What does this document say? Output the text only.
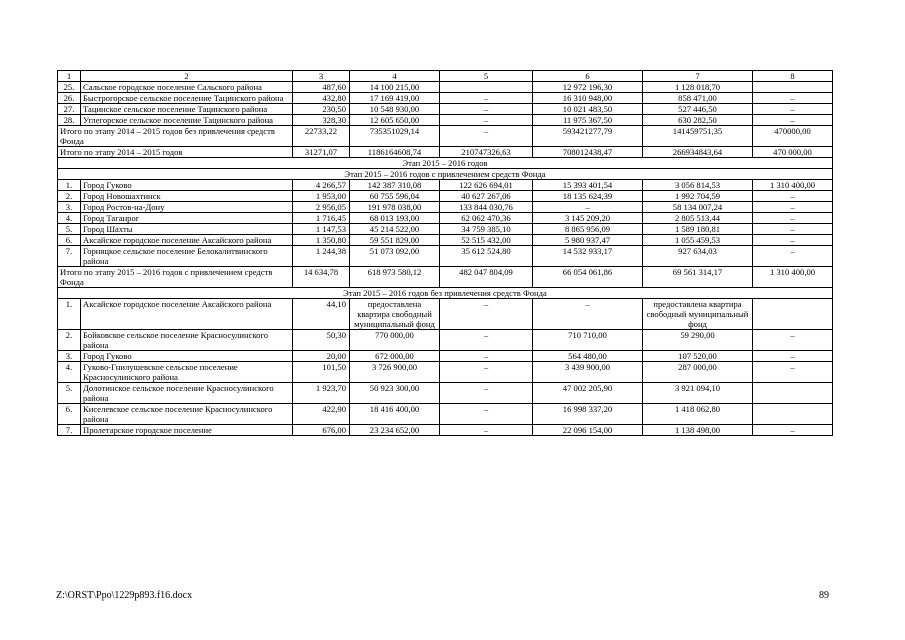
1	2	3	4	5	6	7	8
25.	Сальское городское поселение Сальского района	487,60	14 100 215,00		12 972 196,30	1 128 018,70	
26.	Быстрогорское сельское поселение Тацинского района	432,80	17 169 419,00	–	16 310 948,00	858 471,00	–
27.	Тацинское сельское поселение Тацинского района	230,50	10 548 930,00	–	10 021 483,50	527 446,50	–
28.	Углегорское сельское поселение Тацинского района	328,30	12 605 650,00	–	11 975 367,50	630 282,50	–
Итого по этапу 2014 – 2015 годов без привлечения средств Фонда		22733,22	735351029,14	–	593421277,79	141459751,35	470000,00
Итого по этапу 2014 – 2015 годов		31271,07	1186164608,74	210747326,63	708012438,47	266934843,64	470 000,00
Этап 2015 – 2016 годов							
Этап 2015 – 2016 годов с привлечением средств Фонда							
1.	Город Гуково	4 266,57	142 387 310,08	122 626 694,01	15 393 401,54	3 056 814,53	1 310 400,00
2.	Город Новошахтинск	1 953,00	60 755 596,04	40 627 267,06	18 135 624,39	1 992 704,59	–
3.	Город Ростов-на-Дону	2 956,05	191 978 038,00	133 844 030,76	–	58 134 007,24	–
4.	Город Таганрог	1 716,45	68 013 193,00	62 062 470,36	3 145 209,20	2 805 513,44	–
5.	Город Шахты	1 147,53	45 214 522,00	34 759 385,10	8 865 956,09	1 589 180,81	–
6.	Аксайское городское поселение Аксайского района	1 350,80	59 551 829,00	52 515 432,00	5 980 937,47	1 055 459,53	–
7.	Горняцкое сельское поселение Белокалитвинского района	1 244,38	51 073 092,00	35 612 524,80	14 532 933,17	927 634,03	–
Итого по этапу 2015 – 2016 годов с привлечением средств Фонда		14 634,78	618 973 580,12	482 047 804,09	66 054 061,86	69 561 314,17	1 310 400,00
Этап 2015 – 2016 годов без привлечения средств Фонда							
1.	Аксайское городское поселение Аксайского района	44,10	предоставлена квартира свободный муниципальный фонд	–	–	предоставлена квартира свободный муниципальный фонд	
2.	Бойковское сельское поселение Красносулинского района	50,30	770 000,00	–	710 710,00	59 290,00	–
3.	Город Гуково	20,00	672 000,00	–	564 480,00	107 520,00	–
4.	Гуково-Гнилушевское сельское поселение Красносулинского района	101,50	3 726 900,00	–	3 439 900,00	287 000,00	–
5.	Долотинское сельское поселение Красносулинского района	1 923,70	50 923 300,00	–	47 002 205,90	3 921 094,10	
6.	Киселевское сельское поселение Красносулинского района	422,90	18 416 400,00	–	16 998 337,20	1 418 062,80	
7.	Пролетарское городское поселение	676,00	23 234 652,00	–	22 096 154,00	1 138 498,00	–
Z:\ORST\Ppo\1229p893.f16.docx	89
